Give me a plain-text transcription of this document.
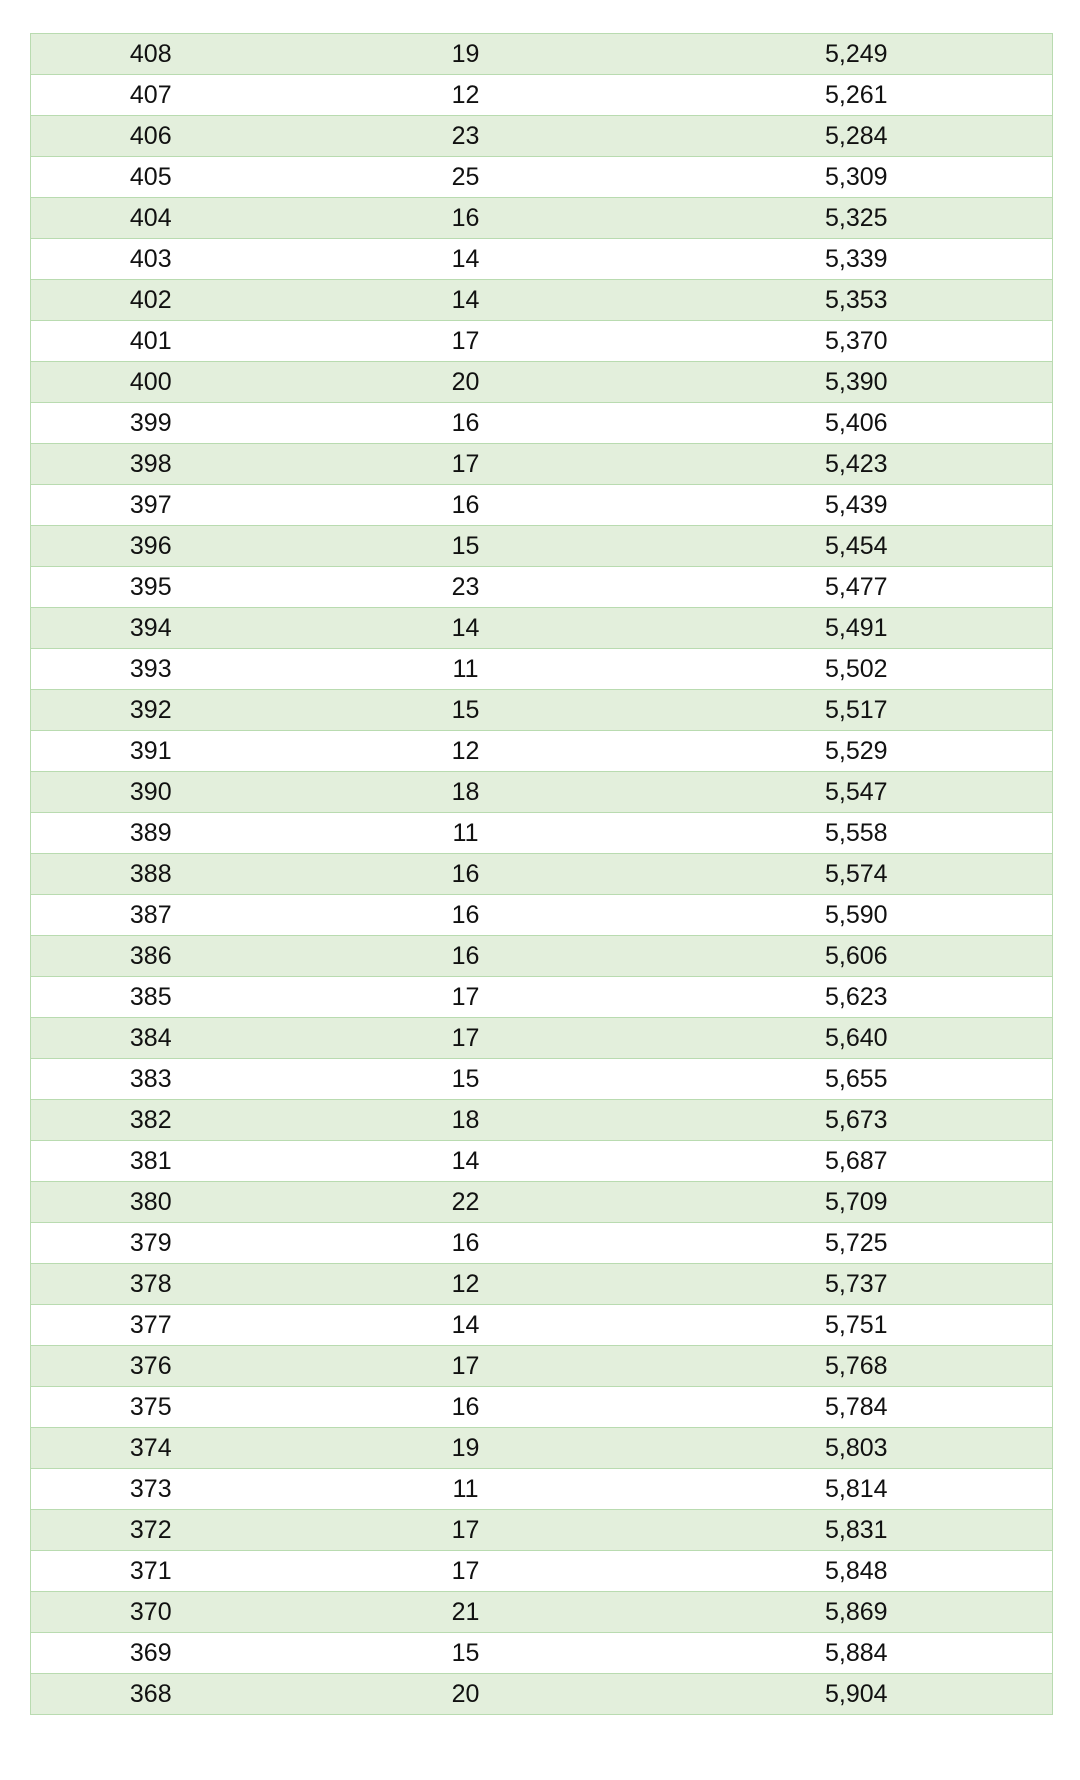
408	19	5,249
407	12	5,261
406	23	5,284
405	25	5,309
404	16	5,325
403	14	5,339
402	14	5,353
401	17	5,370
400	20	5,390
399	16	5,406
398	17	5,423
397	16	5,439
396	15	5,454
395	23	5,477
394	14	5,491
393	11	5,502
392	15	5,517
391	12	5,529
390	18	5,547
389	11	5,558
388	16	5,574
387	16	5,590
386	16	5,606
385	17	5,623
384	17	5,640
383	15	5,655
382	18	5,673
381	14	5,687
380	22	5,709
379	16	5,725
378	12	5,737
377	14	5,751
376	17	5,768
375	16	5,784
374	19	5,803
373	11	5,814
372	17	5,831
371	17	5,848
370	21	5,869
369	15	5,884
368	20	5,904
